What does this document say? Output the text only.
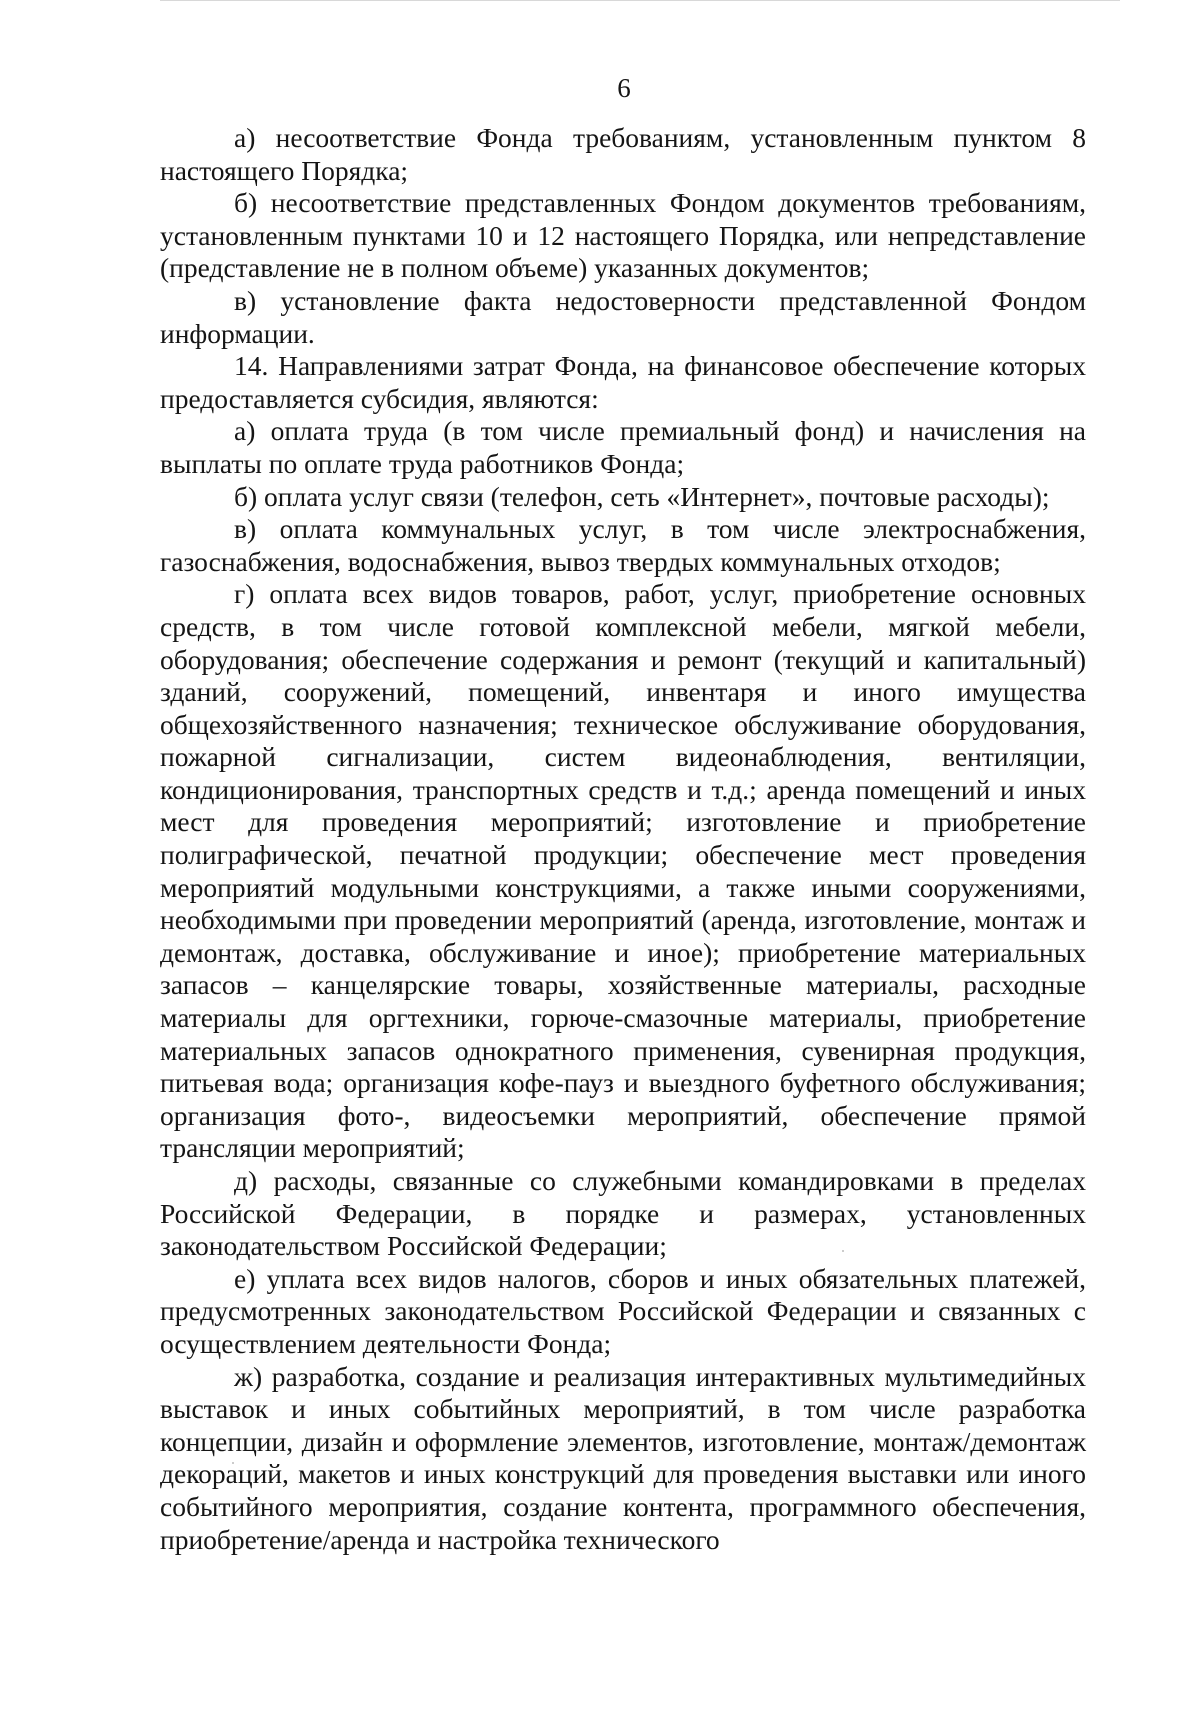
6

а) несоответствие Фонда требованиям, установленным пунктом 8 настоящего Порядка;

б) несоответствие представленных Фондом документов требованиям, установленным пунктами 10 и 12 настоящего Порядка, или непредставление (представление не в полном объеме) указанных документов;

в) установление факта недостоверности представленной Фондом информации.

14. Направлениями затрат Фонда, на финансовое обеспечение которых предоставляется субсидия, являются:

а) оплата труда (в том числе премиальный фонд) и начисления на выплаты по оплате труда работников Фонда;

б) оплата услуг связи (телефон, сеть «Интернет», почтовые расходы);

в) оплата коммунальных услуг, в том числе электроснабжения, газоснабжения, водоснабжения, вывоз твердых коммунальных отходов;

г) оплата всех видов товаров, работ, услуг, приобретение основных средств, в том числе готовой комплексной мебели, мягкой мебели, оборудования; обеспечение содержания и ремонт (текущий и капитальный) зданий, сооружений, помещений, инвентаря и иного имущества общехозяйственного назначения; техническое обслуживание оборудования, пожарной сигнализации, систем видеонаблюдения, вентиляции, кондиционирования, транспортных средств и т.д.; аренда помещений и иных мест для проведения мероприятий; изготовление и приобретение полиграфической, печатной продукции; обеспечение мест проведения мероприятий модульными конструкциями, а также иными сооружениями, необходимыми при проведении мероприятий (аренда, изготовление, монтаж и демонтаж, доставка, обслуживание и иное); приобретение материальных запасов – канцелярские товары, хозяйственные материалы, расходные материалы для оргтехники, горюче-смазочные материалы, приобретение материальных запасов однократного применения, сувенирная продукция, питьевая вода; организация кофе-пауз и выездного буфетного обслуживания; организация фото-, видеосъемки мероприятий, обеспечение прямой трансляции мероприятий;

д) расходы, связанные со служебными командировками в пределах Российской Федерации, в порядке и размерах, установленных законодательством Российской Федерации;

е) уплата всех видов налогов, сборов и иных обязательных платежей, предусмотренных законодательством Российской Федерации и связанных с осуществлением деятельности Фонда;

ж) разработка, создание и реализация интерактивных мультимедийных выставок и иных событийных мероприятий, в том числе разработка концепции, дизайн и оформление элементов, изготовление, монтаж/демонтаж декораций, макетов и иных конструкций для проведения выставки или иного событийного мероприятия, создание контента, программного обеспечения, приобретение/аренда и настройка технического
